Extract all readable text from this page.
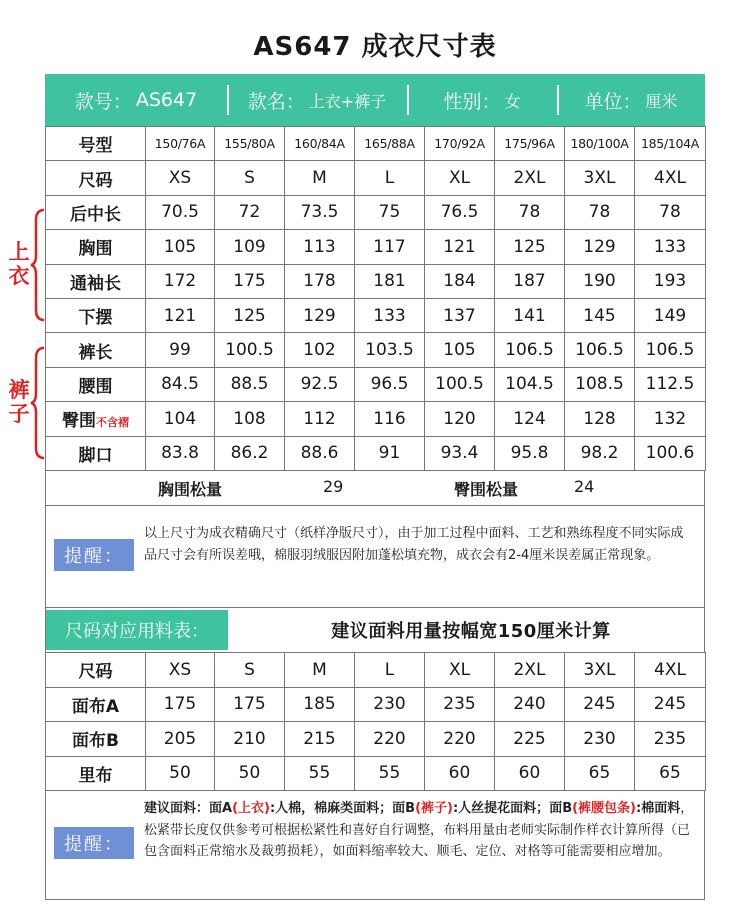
AS647 成衣尺寸表
款号： AS647	款名： 上衣+裤子	性别： 女	单位： 厘米
号型	150/76A	155/80A	160/84A	165/88A	170/92A	175/96A	180/100A	185/104A
尺码	XS	S	M	L	XL	2XL	3XL	4XL
后中长	70.5	72	73.5	75	76.5	78	78	78
胸围	105	109	113	117	121	125	129	133
通袖长	172	175	178	181	184	187	190	193
下摆	121	125	129	133	137	141	145	149
裤长	99	100.5	102	103.5	105	106.5	106.5	106.5
腰围	84.5	88.5	92.5	96.5	100.5	104.5	108.5	112.5
臀围不含褶	104	108	112	116	120	124	128	132
脚口	83.8	86.2	88.6	91	93.4	95.8	98.2	100.6
上衣
裤子
胸围松量	29	臀围松量	24
提醒：
以上尺寸为成衣精确尺寸（纸样净版尺寸），由于加工过程中面料、工艺和熟练程度不同实际成品尺寸会有所误差哦，棉服羽绒服因附加蓬松填充物，成衣会有2-4厘米误差属正常现象。
尺码对应用料表：	建议面料用量按幅宽150厘米计算
尺码	XS	S	M	L	XL	2XL	3XL	4XL
面布A	175	175	185	230	235	240	245	245
面布B	205	210	215	220	220	225	230	235
里布	50	50	55	55	60	60	65	65
提醒：
建议面料：面A(上衣):人棉，棉麻类面料；面B(裤子):人丝提花面料；面B(裤腰包条):棉面料，松紧带长度仅供参考可根据松紧性和喜好自行调整，布料用量由老师实际制作样衣计算所得（已包含面料正常缩水及裁剪损耗），如面料缩率较大、顺毛、定位、对格等可能需要相应增加。
